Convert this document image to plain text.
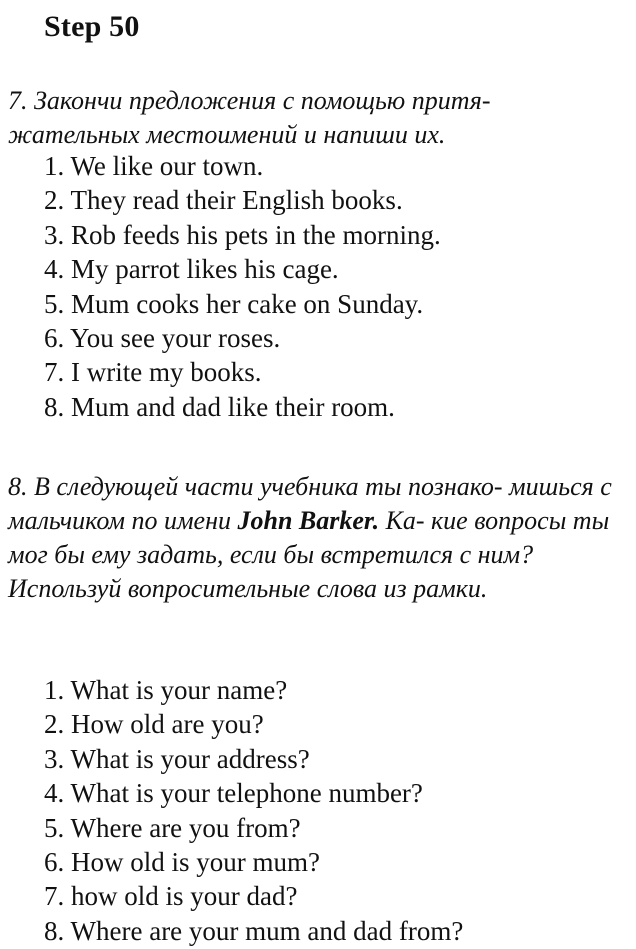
Step 50
7. Закончи предложения с помощью притя- жательных местоимений и напиши их.
1. We like our town.
2. They read their English books.
3. Rob feeds his pets in the morning.
4. My parrot likes his cage.
5. Mum cooks her cake on Sunday.
6. You see your roses.
7. I write my books.
8. Mum and dad like their room.
8. В следующей части учебника ты познако- мишься с мальчиком по имени John Barker. Ка- кие вопросы ты мог бы ему задать, если бы встретился с ним? Используй вопросительные слова из рамки.
1. What is your name?
2. How old are you?
3. What is your address?
4. What is your telephone number?
5. Where are you from?
6. How old is your mum?
7. how old is your dad?
8. Where are your mum and dad from?
